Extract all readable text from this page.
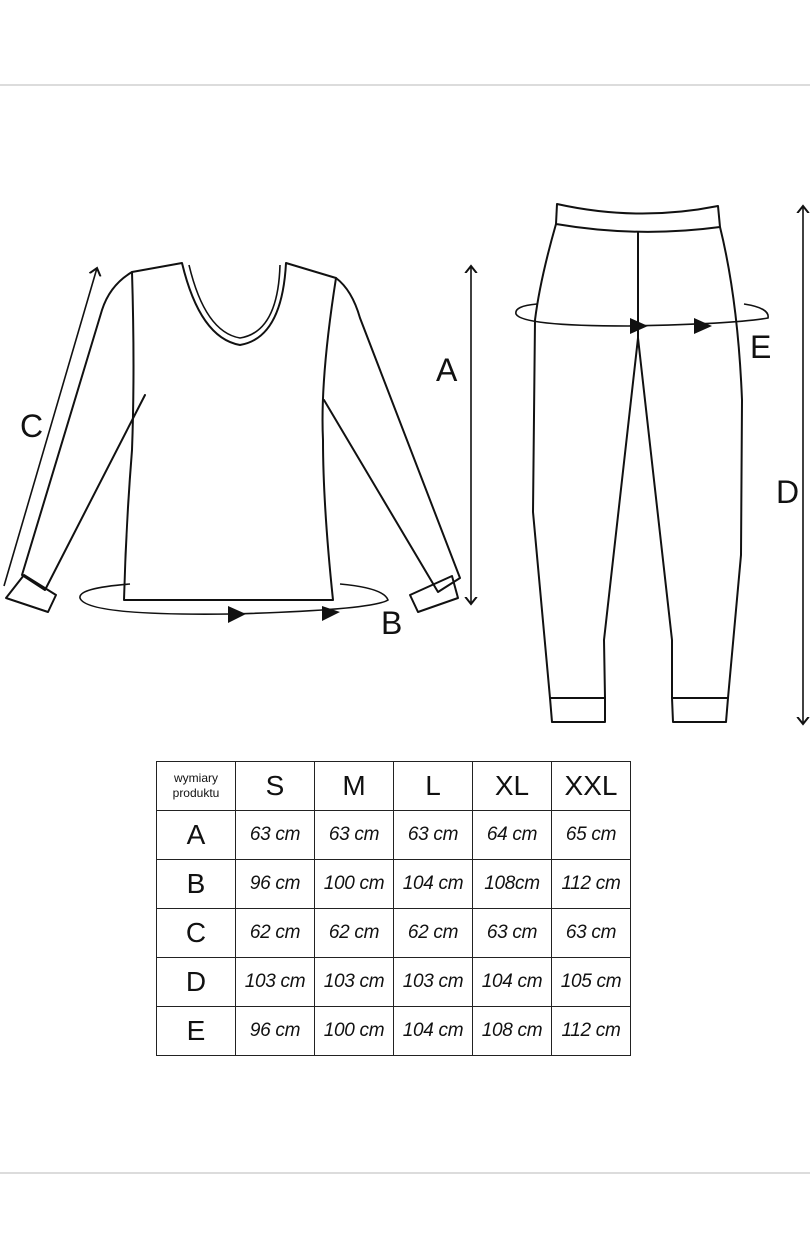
A
B
C
D
E
wymiary
produktu	S	M	L	XL	XXL
A	63 cm	63 cm	63 cm	64 cm	65 cm
B	96 cm	100 cm	104 cm	108cm	112 cm
C	62 cm	62 cm	62 cm	63 cm	63 cm
D	103 cm	103 cm	103 cm	104 cm	105 cm
E	96 cm	100 cm	104 cm	108 cm	112 cm
